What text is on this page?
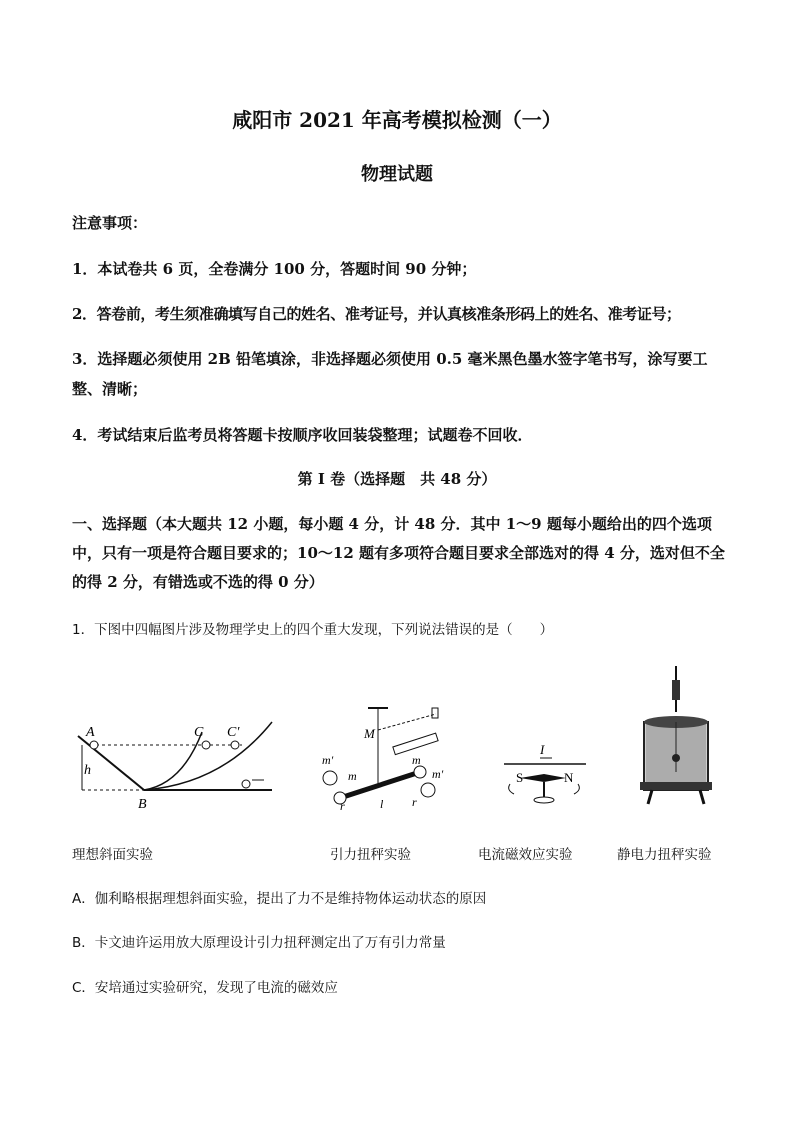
咸阳市 2021 年高考模拟检测（一）
物理试题
注意事项：
1．本试卷共 6 页，全卷满分 100 分，答题时间 90 分钟；
2．答卷前，考生须准确填写自己的姓名、准考证号，并认真核准条形码上的姓名、准考证号；
3．选择题必须使用 2B 铅笔填涂，非选择题必须使用 0.5 毫米黑色墨水签字笔书写，涂写要工
整、清晰；
4．考试结束后监考员将答题卡按顺序收回装袋整理；试题卷不回收．
第 I 卷（选择题　共 48 分）
一、选择题（本大题共 12 小题，每小题 4 分，计 48 分．其中 1～9 题每小题给出的四个选项中，只有一项是符合题目要求的；10～12 题有多项符合题目要求全部选对的得 4 分，选对但不全的得 2 分，有错选或不选的得 0 分）
1．下图中四幅图片涉及物理学史上的四个重大发现，下列说法错误的是（　　）
A	C C′
h
B
M
m′
m
m
m′
r	l r
I
S	N
理想斜面实验	引力扭秤实验	电流磁效应实验	静电力扭秤实验
A．伽利略根据理想斜面实验，提出了力不是维持物体运动状态的原因
B．卡文迪许运用放大原理设计引力扭秤测定出了万有引力常量
C．安培通过实验研究，发现了电流的磁效应
